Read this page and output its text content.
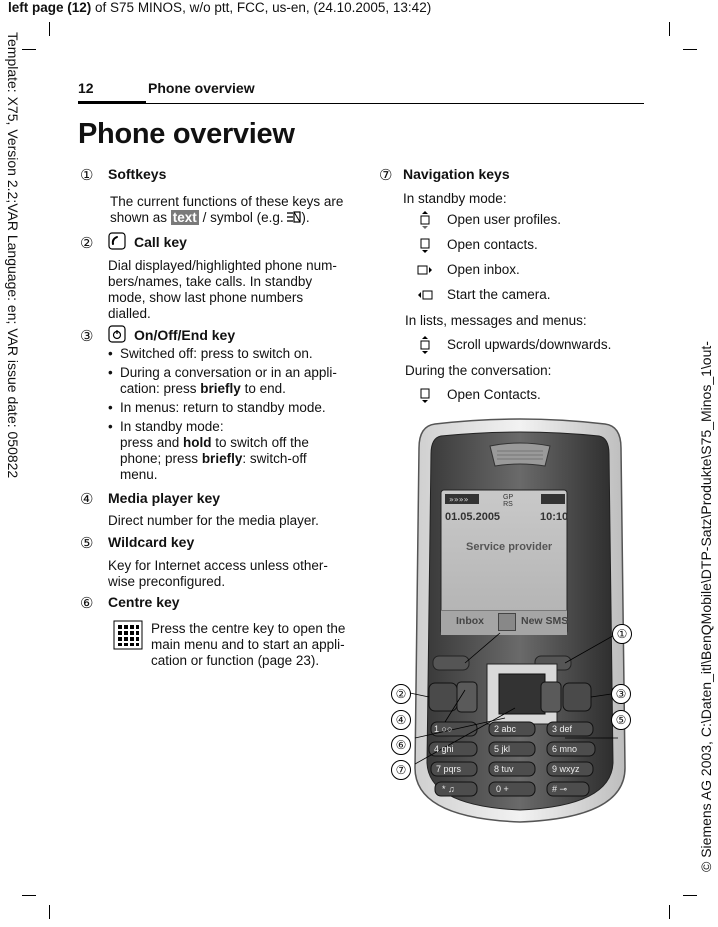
left page (12) of S75 MINOS, w/o ptt, FCC, us-en, (24.10.2005, 13:42)
Template: X75, Version 2.2;VAR Language: en; VAR issue date: 050822
© Siemens AG 2003, C:\Daten_itl\BenQMobile\DTP-Satz\Produkte\S75_Minos_1\out-
12	Phone overview
Phone overview
① Softkeys
The current functions of these keys are
shown as text / symbol (e.g. ).
②	Call key
Dial displayed/highlighted phone num-
bers/names, take calls. In standby
mode, show last phone numbers
dialled.
③	On/Off/End key
• Switched off: press to switch on.
• During a conversation or in an appli-
cation: press briefly to end.
• In menus: return to standby mode.
• In standby mode:
press and hold to switch off the
phone; press briefly: switch-off
menu.
④ Media player key
Direct number for the media player.
⑤ Wildcard key
Key for Internet access unless other-
wise preconfigured.
⑥ Centre key
Press the centre key to open the
main menu and to start an appli-
cation or function (page 23).
⑦ Navigation keys
In standby mode:
Open user profiles.
Open contacts.
Open inbox.
Start the camera.
In lists, messages and menus:
Scroll upwards/downwards.
During the conversation:
Open Contacts.
»»»»	GP RS
01.05.2005	10:10
Service provider
Inbox	New SMS
1 ○○	2 abc	3 def
4 ghi	5 jkl	6 mno
7 pqrs	8 tuv	9 wxyz
* ♫	0 +	# ⊸
①
②	③
④	⑤
⑥
⑦
